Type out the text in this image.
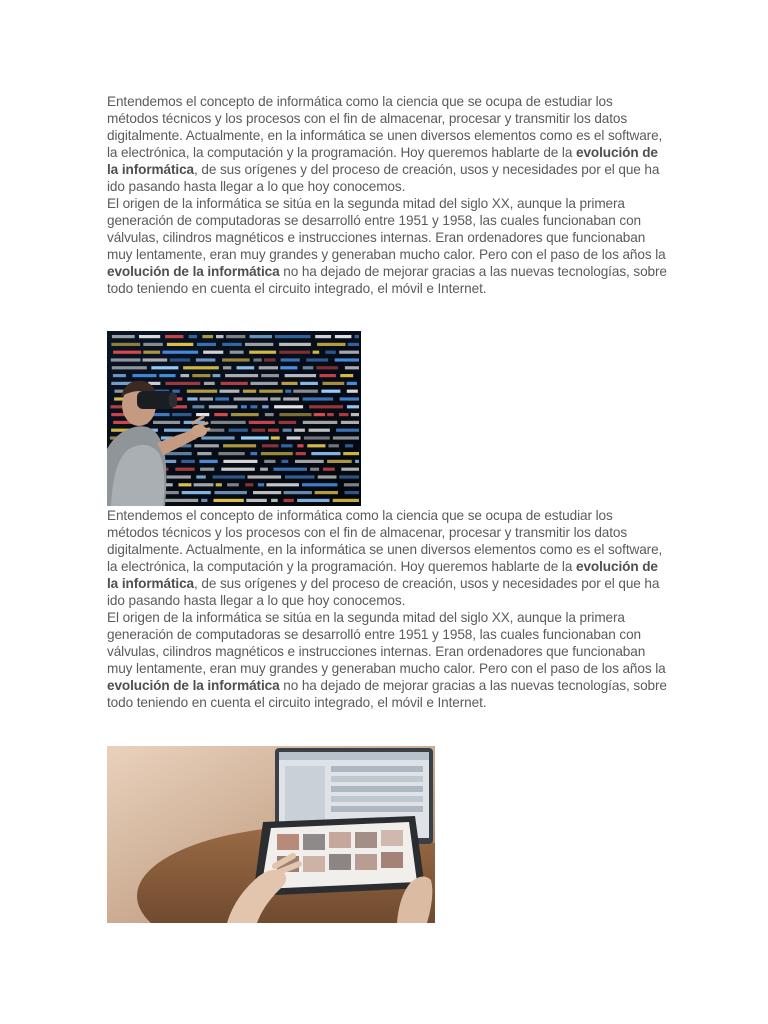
Entendemos el concepto de informática como la ciencia que se ocupa de estudiar los métodos técnicos y los procesos con el fin de almacenar, procesar y transmitir los datos digitalmente. Actualmente, en la informática se unen diversos elementos como es el software, la electrónica, la computación y la programación. Hoy queremos hablarte de la evolución de la informática, de sus orígenes y del proceso de creación, usos y necesidades por el que ha ido pasando hasta llegar a lo que hoy conocemos.

El origen de la informática se sitúa en la segunda mitad del siglo XX, aunque la primera generación de computadoras se desarrolló entre 1951 y 1958, las cuales funcionaban con válvulas, cilindros magnéticos e instrucciones internas. Eran ordenadores que funcionaban muy lentamente, eran muy grandes y generaban mucho calor. Pero con el paso de los años la evolución de la informática no ha dejado de mejorar gracias a las nuevas tecnologías, sobre todo teniendo en cuenta el circuito integrado, el móvil e Internet.

Entendemos el concepto de informática como la ciencia que se ocupa de estudiar los métodos técnicos y los procesos con el fin de almacenar, procesar y transmitir los datos digitalmente. Actualmente, en la informática se unen diversos elementos como es el software, la electrónica, la computación y la programación. Hoy queremos hablarte de la evolución de la informática, de sus orígenes y del proceso de creación, usos y necesidades por el que ha ido pasando hasta llegar a lo que hoy conocemos.

El origen de la informática se sitúa en la segunda mitad del siglo XX, aunque la primera generación de computadoras se desarrolló entre 1951 y 1958, las cuales funcionaban con válvulas, cilindros magnéticos e instrucciones internas. Eran ordenadores que funcionaban muy lentamente, eran muy grandes y generaban mucho calor. Pero con el paso de los años la evolución de la informática no ha dejado de mejorar gracias a las nuevas tecnologías, sobre todo teniendo en cuenta el circuito integrado, el móvil e Internet.
